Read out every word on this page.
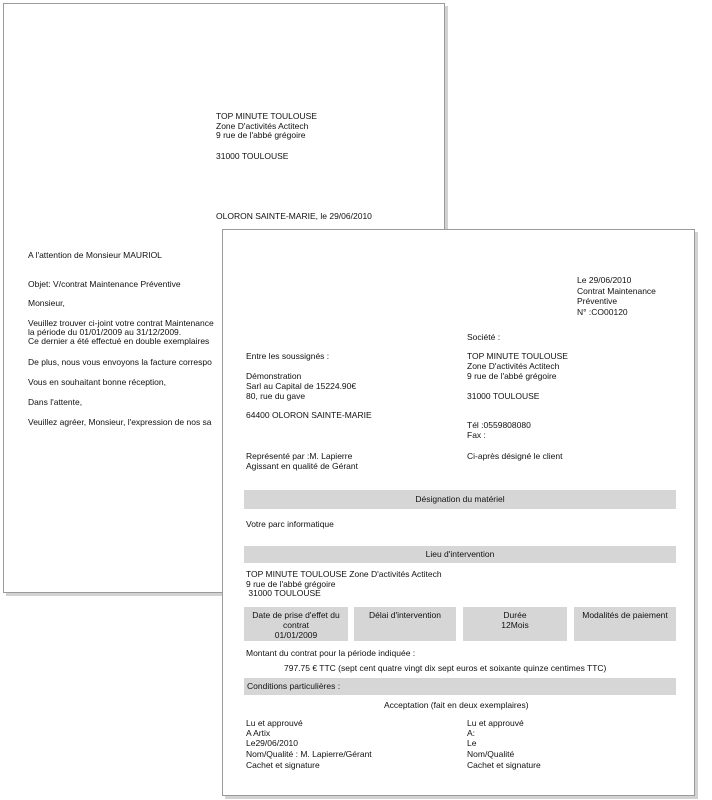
TOP MINUTE TOULOUSE
Zone D'activités Actitech
9 rue de l'abbé grégoire
31000 TOULOUSE
OLORON SAINTE-MARIE, le 29/06/2010
A l'attention de Monsieur MAURIOL
Objet: V/contrat Maintenance Préventive
Monsieur,
Veuillez trouver ci-joint votre contrat Maintenance
la période du 01/01/2009 au 31/12/2009.
Ce dernier a été effectué en double exemplaires
De plus, nous vous envoyons la facture correspo
Vous en souhaitant bonne réception,
Dans l'attente,
Veuillez agréer, Monsieur, l'expression de nos sa
Le 29/06/2010
Contrat Maintenance
Préventive
N° :CO00120
Société :
Entre les soussignés :
Démonstration
Sarl au Capital de 15224.90€
80, rue du gave
64400 OLORON SAINTE-MARIE
TOP MINUTE TOULOUSE
Zone D'activités Actitech
9 rue de l'abbé grégoire
31000 TOULOUSE
Tél :0559808080
Fax :
Représenté par :M. Lapierre
Agissant en qualité de Gérant
Ci-après désigné le client
Désignation du matériel
Votre parc informatique
Lieu d'intervention
TOP MINUTE TOULOUSE Zone D'activités Actitech
9 rue de l'abbé grégoire
31000 TOULOUSE
Date de prise d'effet du
contrat
01/01/2009
Délai d'intervention	Durée
12Mois
Modalités de paiement
Montant du contrat pour la période indiquée :
797.75 € TTC (sept cent quatre vingt dix sept euros et soixante quinze centimes TTC)
Conditions particulières :
Acceptation (fait en deux exemplaires)
Lu et approuvé
A Artix
Le29/06/2010
Nom/Qualité : M. Lapierre/Gérant
Cachet et signature
Lu et approuvé
A:
Le
Nom/Qualité
Cachet et signature
